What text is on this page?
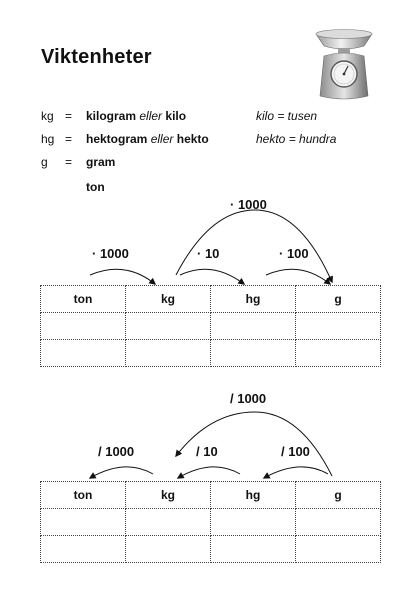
Viktenheter
kg = kilogram eller kilo	kilo = tusen
hg = hektogram eller hekto	hekto = hundra
g = gram
ton
· 1000	· 10	· 100
· 1000
ton	kg	hg	g

/ 1000	/ 10	/ 100
/ 1000
ton	kg	hg	g
